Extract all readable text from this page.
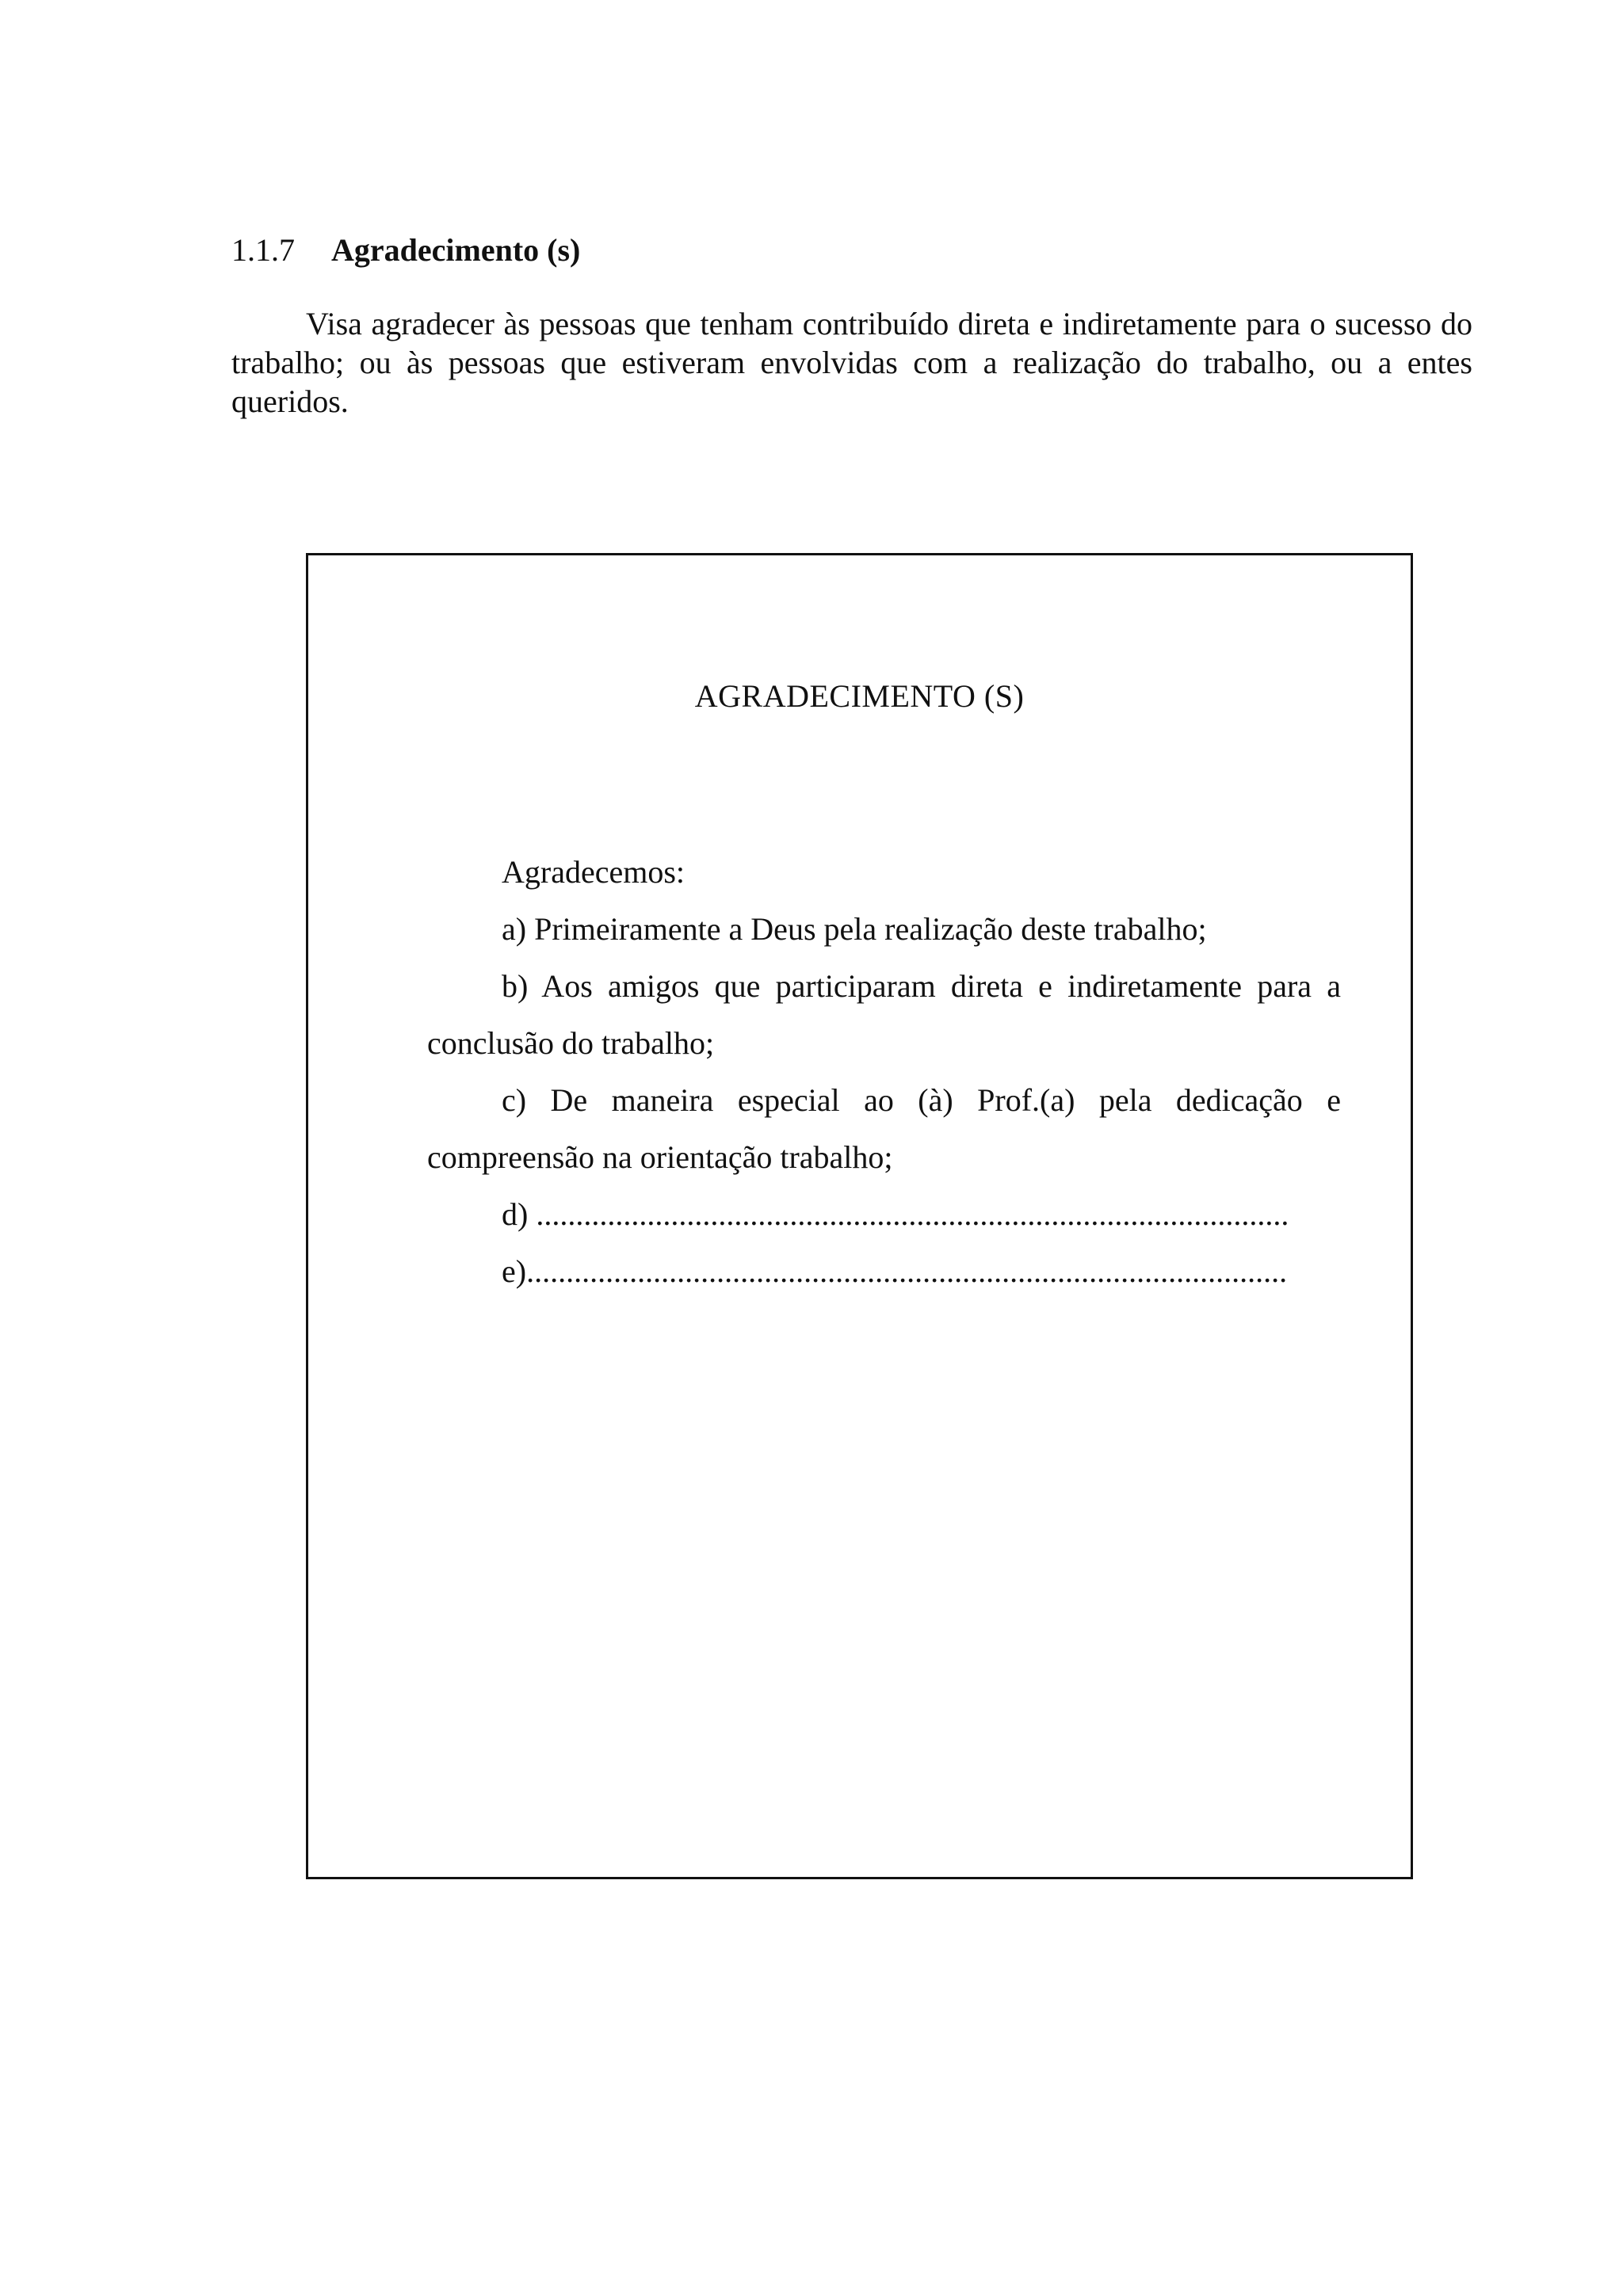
1.1.7 Agradecimento (s)

Visa agradecer às pessoas que tenham contribuído direta e indiretamente para o sucesso do trabalho; ou às pessoas que estiveram envolvidas com a realização do trabalho, ou a entes queridos.

AGRADECIMENTO (S)

Agradecemos:

a) Primeiramente a Deus pela realização deste trabalho;

b) Aos amigos que participaram direta e indiretamente para a conclusão do trabalho;

c) De maneira especial ao (à) Prof.(a) pela dedicação e compreensão na orientação trabalho;

d) ...............................................................................................

e)................................................................................................
